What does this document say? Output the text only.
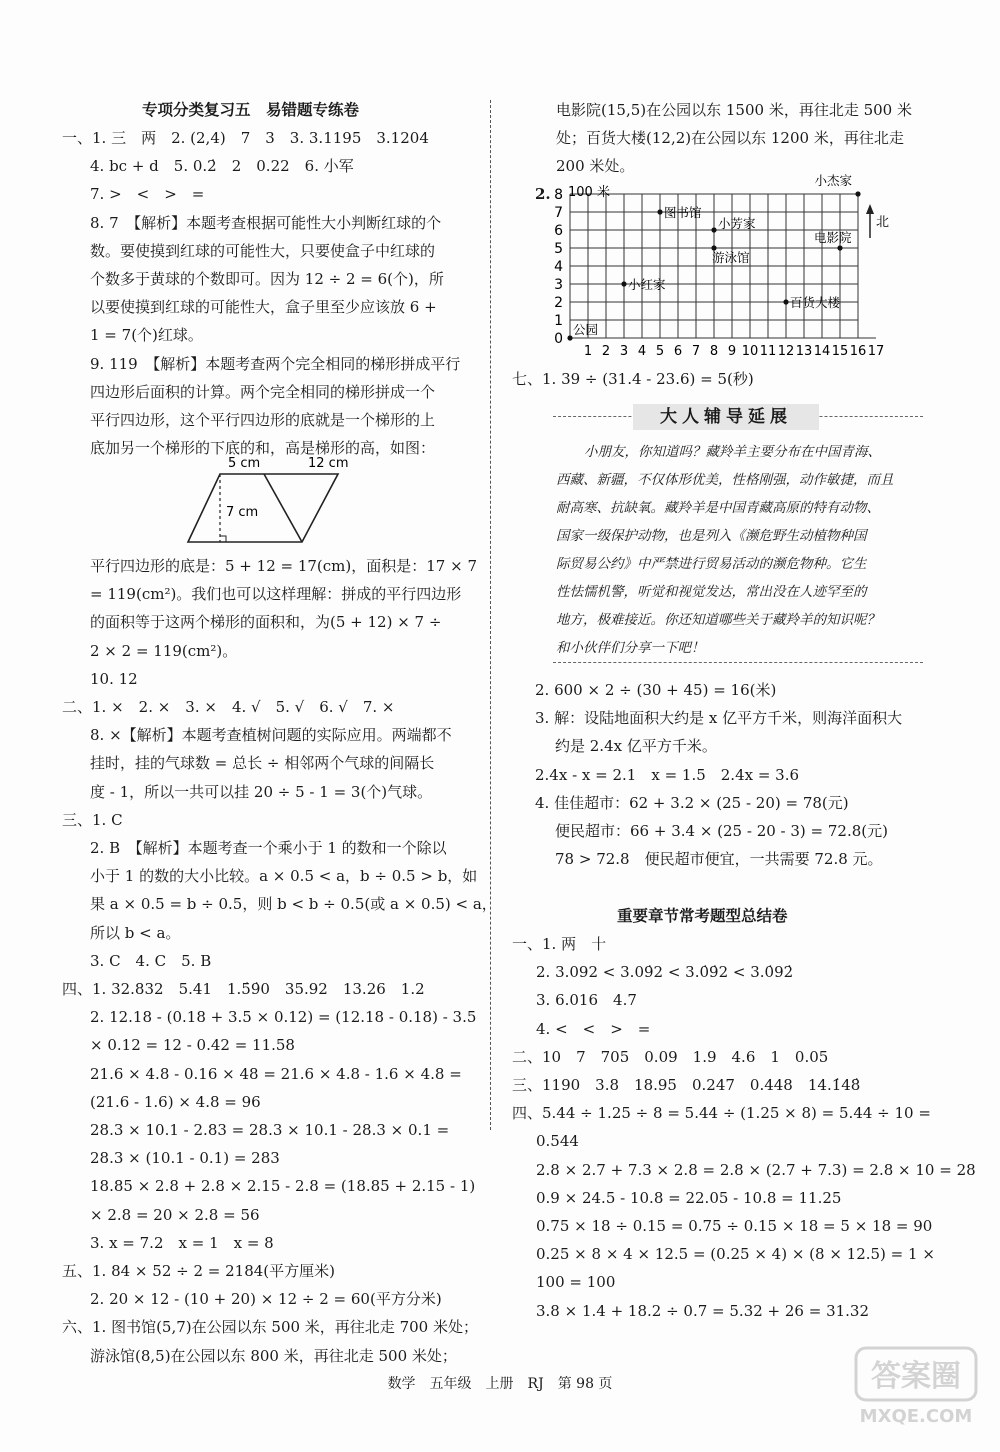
专项分类复习五　易错题专练卷
一、1. 三　两　2. (2,4)　7　3　3. 3.1195　3.1204
4. bc + d　5. 0.2̇　2　0.22　6. 小军
7. >　<　>　=
8. 7　【解析】本题考查根据可能性大小判断红球的个
数。要使摸到红球的可能性大，只要使盒子中红球的
个数多于黄球的个数即可。因为 12 ÷ 2 = 6(个)，所
以要使摸到红球的可能性大，盒子里至少应该放 6 +
1 = 7(个)红球。
9. 119　【解析】本题考查两个完全相同的梯形拼成平行
四边形后面积的计算。两个完全相同的梯形拼成一个
平行四边形，这个平行四边形的底就是一个梯形的上
底加另一个梯形的下底的和，高是梯形的高，如图：
5 cm	12 cm
7 cm
平行四边形的底是：5 + 12 = 17(cm)，面积是：17 × 7
= 119(cm²)。我们也可以这样理解：拼成的平行四边形
的面积等于这两个梯形的面积和，为(5 + 12) × 7 ÷
2 × 2 = 119(cm²)。
10. 12
二、1. ×　2. ×　3. ×　4. √　5. √　6. √　7. ×
8. ×【解析】本题考查植树问题的实际应用。两端都不
挂时，挂的气球数 = 总长 ÷ 相邻两个气球的间隔长
度 - 1，所以一共可以挂 20 ÷ 5 - 1 = 3(个)气球。
三、1. C
2. B　【解析】本题考查一个乘小于 1 的数和一个除以
小于 1 的数的大小比较。a × 0.5 < a，b ÷ 0.5 > b，如
果 a × 0.5 = b ÷ 0.5，则 b < b ÷ 0.5(或 a × 0.5) < a，
所以 b < a。
3. C　4. C　5. B
四、1. 32.832　5.41　1.5̇9̇0　35.92　13.26　1.2
2. 12.18 - (0.18 + 3.5 × 0.12) = (12.18 - 0.18) - 3.5
× 0.12 = 12 - 0.42 = 11.58
21.6 × 4.8 - 0.16 × 48 = 21.6 × 4.8 - 1.6 × 4.8 =
(21.6 - 1.6) × 4.8 = 96
28.3 × 10.1 - 2.83 = 28.3 × 10.1 - 28.3 × 0.1 =
28.3 × (10.1 - 0.1) = 283
18.85 × 2.8 + 2.8 × 2.15 - 2.8 = (18.85 + 2.15 - 1)
× 2.8 = 20 × 2.8 = 56
3. x = 7.2　x = 1　x = 8
五、1. 84 × 52 ÷ 2 = 2184(平方厘米)
2. 20 × 12 - (10 + 20) × 12 ÷ 2 = 60(平方分米)
六、1. 图书馆(5,7)在公园以东 500 米，再往北走 700 米处；
游泳馆(8,5)在公园以东 800 米，再往北走 500 米处；
电影院(15,5)在公园以东 1500 米，再往北走 500 米
处；百货大楼(12,2)在公园以东 1200 米，再往北走
200 米处。
2.
0
1
2
3
4
5
6
7
8
1 2 3 4 5 6 7 8 9 10 11 12 13 14 15 16 17
100 米
北
小杰家
图书馆
小芳家
电影院
游泳馆
小红家
百货大楼
公园
七、1. 39 ÷ (31.4 - 23.6) = 5(秒)
大人辅导延展
小朋友，你知道吗？藏羚羊主要分布在中国青海、
西藏、新疆，不仅体形优美，性格刚强，动作敏捷，而且
耐高寒、抗缺氧。藏羚羊是中国青藏高原的特有动物、
国家一级保护动物，也是列入《濒危野生动植物种国
际贸易公约》中严禁进行贸易活动的濒危物种。它生
性怯懦机警，听觉和视觉发达，常出没在人迹罕至的
地方，极难接近。你还知道哪些关于藏羚羊的知识呢？
和小伙伴们分享一下吧！
2. 600 × 2 ÷ (30 + 45) = 16(米)
3. 解：设陆地面积大约是 x 亿平方千米，则海洋面积大
约是 2.4x 亿平方千米。
2.4x - x = 2.1　x = 1.5　2.4x = 3.6
4. 佳佳超市：62 + 3.2 × (25 - 20) = 78(元)
便民超市：66 + 3.4 × (25 - 20 - 3) = 72.8(元)
78 > 72.8　便民超市便宜，一共需要 72.8 元。
重要章节常考题型总结卷
一、1. 两　十
2. 3.092 < 3.09̇2 < 3.0̇9̇2 < 3.0̇92̇
3. 6.016　4.7
4. <　<　>　=
二、10　7　705　0.09　1.9　4.6　1　0.05
三、1190　3.8　18.95　0.247　0.448　14.1̇48̇
四、5.44 ÷ 1.25 ÷ 8 = 5.44 ÷ (1.25 × 8) = 5.44 ÷ 10 =
0.544
2.8 × 2.7 + 7.3 × 2.8 = 2.8 × (2.7 + 7.3) = 2.8 × 10 = 28
0.9 × 24.5 - 10.8 = 22.05 - 10.8 = 11.25
0.75 × 18 ÷ 0.15 = 0.75 ÷ 0.15 × 18 = 5 × 18 = 90
0.25 × 8 × 4 × 12.5 = (0.25 × 4) × (8 × 12.5) = 1 ×
100 = 100
3.8 × 1.4 + 18.2 ÷ 0.7 = 5.32 + 26 = 31.32
数学　五年级　上册　RJ　第 98 页	答案圈
MXQE.COM
